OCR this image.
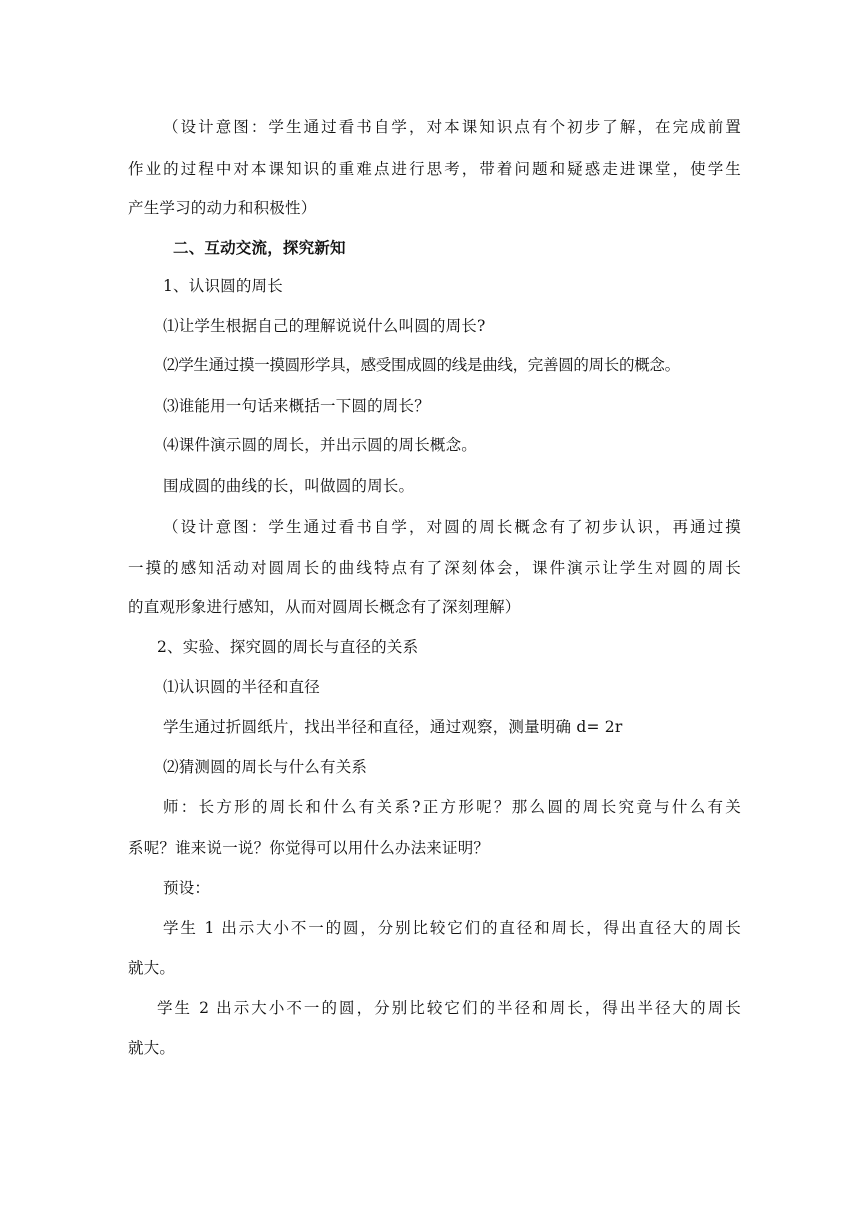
（设计意图：学生通过看书自学，对本课知识点有个初步了解，在完成前置
作业的过程中对本课知识的重难点进行思考，带着问题和疑惑走进课堂，使学生
产生学习的动力和积极性）
二、互动交流，探究新知
1、认识圆的周长
⑴让学生根据自己的理解说说什么叫圆的周长?
⑵学生通过摸一摸圆形学具，感受围成圆的线是曲线，完善圆的周长的概念。
⑶谁能用一句话来概括一下圆的周长？
⑷课件演示圆的周长，并出示圆的周长概念。
围成圆的曲线的长，叫做圆的周长。
（设计意图：学生通过看书自学，对圆的周长概念有了初步认识，再通过摸
一摸的感知活动对圆周长的曲线特点有了深刻体会，课件演示让学生对圆的周长
的直观形象进行感知，从而对圆周长概念有了深刻理解）
2、实验、探究圆的周长与直径的关系
⑴认识圆的半径和直径
学生通过折圆纸片，找出半径和直径，通过观察，测量明确 d= 2r
⑵猜测圆的周长与什么有关系
师：长方形的周长和什么有关系?正方形呢？那么圆的周长究竟与什么有关
系呢？谁来说一说？你觉得可以用什么办法来证明？
预设：
学生 1 出示大小不一的圆，分别比较它们的直径和周长，得出直径大的周长
就大。
学生 2 出示大小不一的圆，分别比较它们的半径和周长，得出半径大的周长
就大。
